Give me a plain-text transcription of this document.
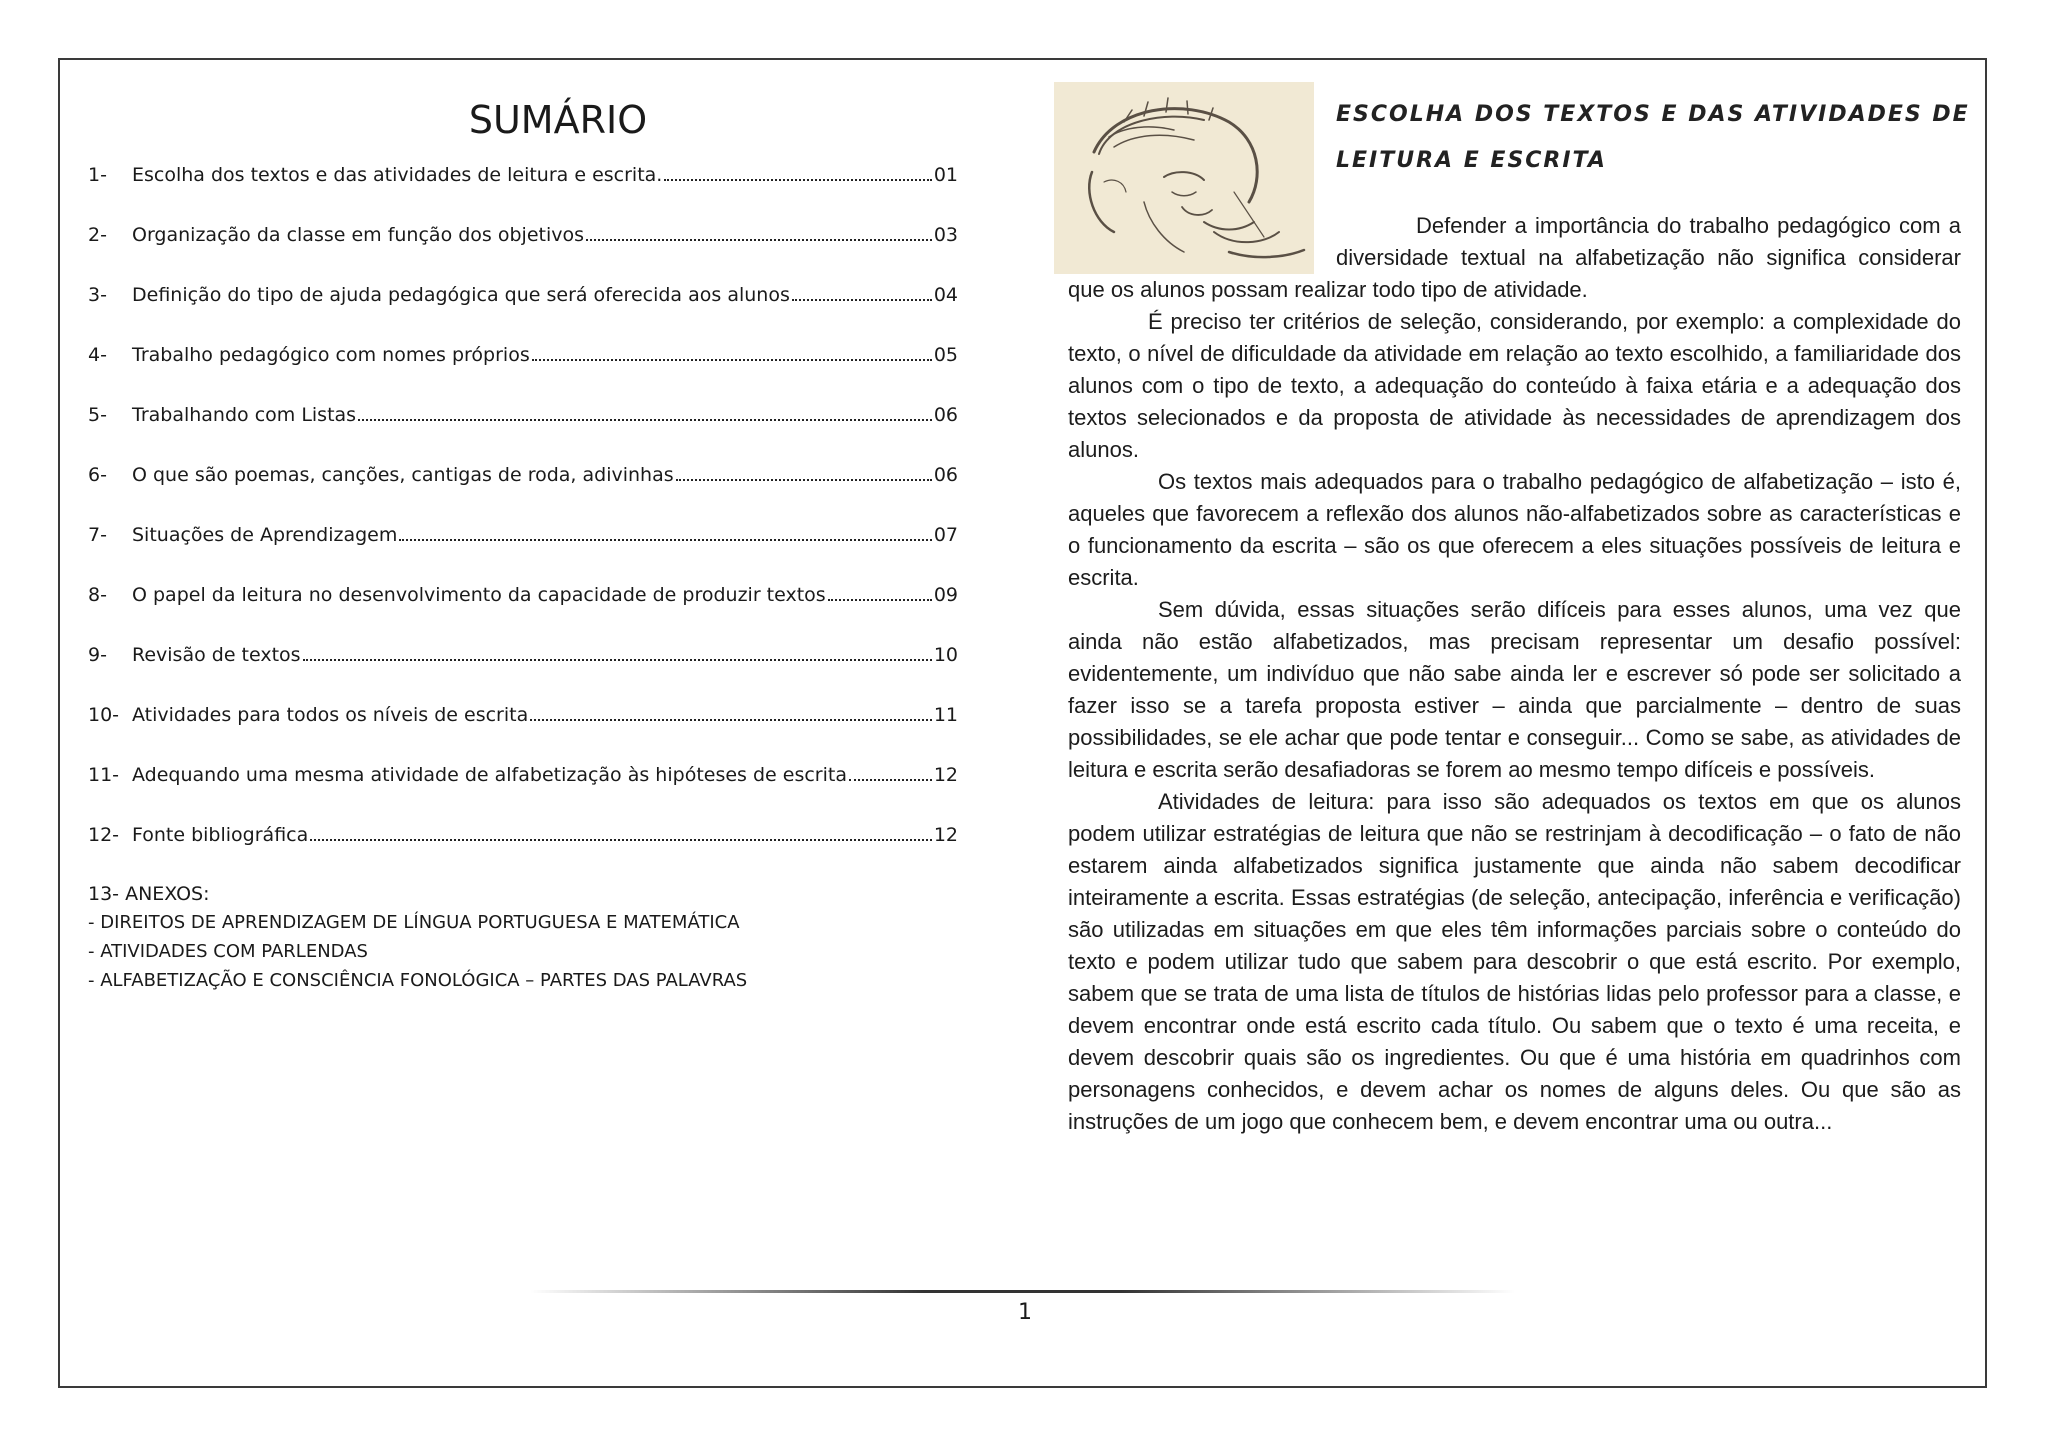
SUMÁRIO
1-	Escolha dos textos e das atividades de leitura e escrita.	01
2-	Organização da classe em função dos objetivos	03
3-	Definição do tipo de ajuda pedagógica que será oferecida aos alunos	04
4-	Trabalho pedagógico com nomes próprios	05
5-	Trabalhando com Listas	06
6-	O que são poemas, canções, cantigas de roda, adivinhas	06
7-	Situações de Aprendizagem	07
8-	O papel da leitura no desenvolvimento da capacidade de produzir textos	09
9-	Revisão de textos	10
10- Atividades para todos os níveis de escrita	11
11- Adequando uma mesma atividade de alfabetização às hipóteses de escrita	12
12- Fonte bibliográfica	12
13- ANEXOS:
- DIREITOS DE APRENDIZAGEM DE LÍNGUA PORTUGUESA E MATEMÁTICA
- ATIVIDADES COM PARLENDAS
- ALFABETIZAÇÃO E CONSCIÊNCIA FONOLÓGICA – PARTES DAS PALAVRAS
ESCOLHA DOS TEXTOS E DAS ATIVIDADES DE
LEITURA E ESCRITA

Defender a importância do trabalho pedagógico com a diversidade textual na alfabetização não significa considerar que os alunos possam realizar todo tipo de atividade.

É preciso ter critérios de seleção, considerando, por exemplo: a complexidade do texto, o nível de dificuldade da atividade em relação ao texto escolhido, a familiaridade dos alunos com o tipo de texto, a adequação do conteúdo à faixa etária e a adequação dos textos selecionados e da proposta de atividade às necessidades de aprendizagem dos alunos.

Os textos mais adequados para o trabalho pedagógico de alfabetização – isto é, aqueles que favorecem a reflexão dos alunos não-alfabetizados sobre as características e o funcionamento da escrita – são os que oferecem a eles situações possíveis de leitura e escrita.

Sem dúvida, essas situações serão difíceis para esses alunos, uma vez que ainda não estão alfabetizados, mas precisam representar um desafio possível: evidentemente, um indivíduo que não sabe ainda ler e escrever só pode ser solicitado a fazer isso se a tarefa proposta estiver – ainda que parcialmente – dentro de suas possibilidades, se ele achar que pode tentar e conseguir... Como se sabe, as atividades de leitura e escrita serão desafiadoras se forem ao mesmo tempo difíceis e possíveis.

Atividades de leitura: para isso são adequados os textos em que os alunos podem utilizar estratégias de leitura que não se restrinjam à decodificação – o fato de não estarem ainda alfabetizados significa justamente que ainda não sabem decodificar inteiramente a escrita. Essas estratégias (de seleção, antecipação, inferência e verificação) são utilizadas em situações em que eles têm informações parciais sobre o conteúdo do texto e podem utilizar tudo que sabem para descobrir o que está escrito. Por exemplo, sabem que se trata de uma lista de títulos de histórias lidas pelo professor para a classe, e devem encontrar onde está escrito cada título. Ou sabem que o texto é uma receita, e devem descobrir quais são os ingredientes. Ou que é uma história em quadrinhos com personagens conhecidos, e devem achar os nomes de alguns deles. Ou que são as instruções de um jogo que conhecem bem, e devem encontrar uma ou outra...

1
